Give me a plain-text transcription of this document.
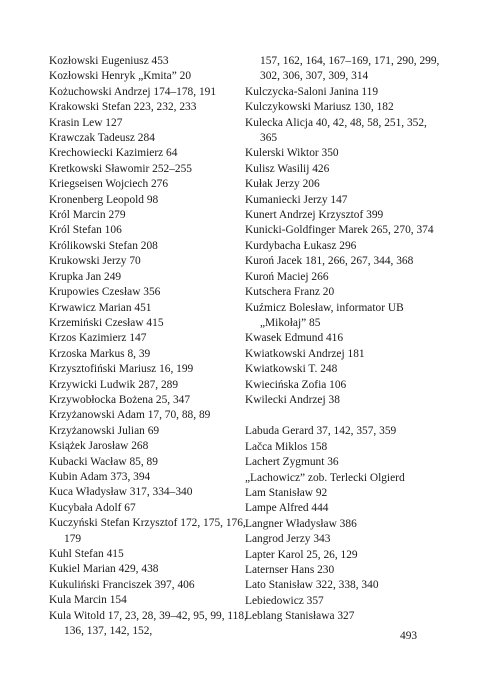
Kozłowski Eugeniusz 453
Kozłowski Henryk „Kmita” 20
Kożuchowski Andrzej 174–178, 191
Krakowski Stefan 223, 232, 233
Krasin Lew 127
Krawczak Tadeusz 284
Krechowiecki Kazimierz 64
Kretkowski Sławomir 252–255
Kriegseisen Wojciech 276
Kronenberg Leopold 98
Król Marcin 279
Król Stefan 106
Królikowski Stefan 208
Krukowski Jerzy 70
Krupka Jan 249
Krupowies Czesław 356
Krwawicz Marian 451
Krzemiński Czesław 415
Krzos Kazimierz 147
Krzoska Markus 8, 39
Krzysztofiński Mariusz 16, 199
Krzywicki Ludwik 287, 289
Krzywobłocka Bożena 25, 347
Krzyżanowski Adam 17, 70, 88, 89
Krzyżanowski Julian 69
Książek Jarosław 268
Kubacki Wacław 85, 89
Kubin Adam 373, 394
Kuca Władysław 317, 334–340
Kucybała Adolf 67
Kuczyński Stefan Krzysztof 172, 175, 176, 179
Kuhl Stefan 415
Kukiel Marian 429, 438
Kukuliński Franciszek 397, 406
Kula Marcin 154
Kula Witold 17, 23, 28, 39–42, 95, 99, 118, 136, 137, 142, 152,
157, 162, 164, 167–169, 171, 290, 299, 302, 306, 307, 309, 314
Kulczycka-Saloni Janina 119
Kulczykowski Mariusz 130, 182
Kulecka Alicja 40, 42, 48, 58, 251, 352, 365
Kulerski Wiktor 350
Kulisz Wasilij 426
Kułak Jerzy 206
Kumaniecki Jerzy 147
Kunert Andrzej Krzysztof 399
Kunicki-Goldfinger Marek 265, 270, 374
Kurdybacha Łukasz 296
Kuroń Jacek 181, 266, 267, 344, 368
Kuroń Maciej 266
Kutschera Franz 20
Kuźmicz Bolesław, informator UB „Mikołaj” 85
Kwasek Edmund 416
Kwiatkowski Andrzej 181
Kwiatkowski T. 248
Kwiecińska Zofia 106
Kwilecki Andrzej 38
Labuda Gerard 37, 142, 357, 359
Lačca Miklos 158
Lachert Zygmunt 36
„Lachowicz” zob. Terlecki Olgierd
Lam Stanisław 92
Lampe Alfred 444
Langner Władysław 386
Langrod Jerzy 343
Lapter Karol 25, 26, 129
Laternser Hans 230
Lato Stanisław 322, 338, 340
Lebiedowicz 357
Leblang Stanisława 327
493
